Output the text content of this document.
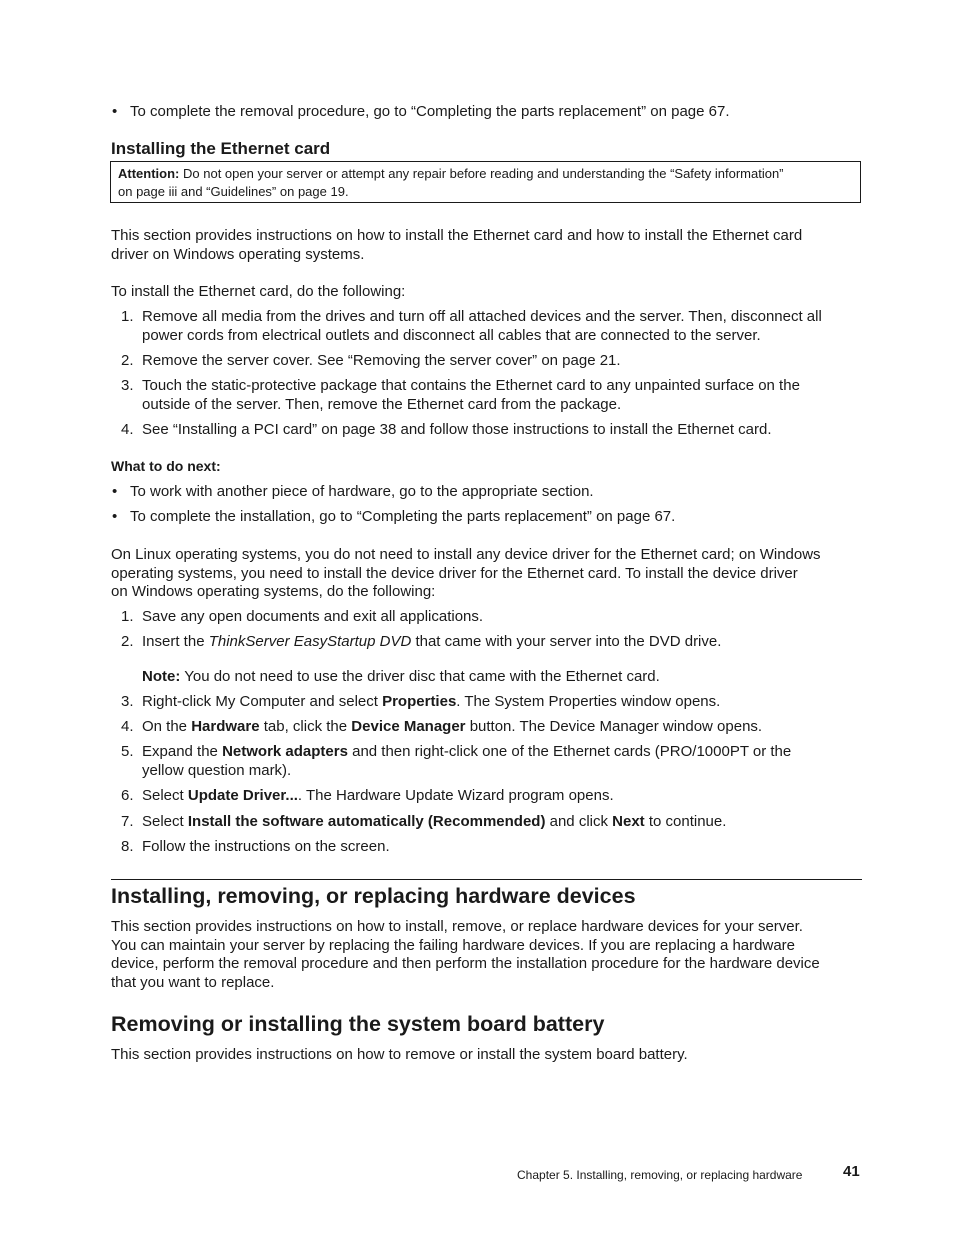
• To complete the removal procedure, go to “Completing the parts replacement” on page 67.
Installing the Ethernet card
Attention: Do not open your server or attempt any repair before reading and understanding the “Safety information”
on page iii and “Guidelines” on page 19.
This section provides instructions on how to install the Ethernet card and how to install the Ethernet card
driver on Windows operating systems.
To install the Ethernet card, do the following:
1. Remove all media from the drives and turn off all attached devices and the server. Then, disconnect all
power cords from electrical outlets and disconnect all cables that are connected to the server.
2. Remove the server cover. See “Removing the server cover” on page 21.
3. Touch the static-protective package that contains the Ethernet card to any unpainted surface on the
outside of the server. Then, remove the Ethernet card from the package.
4. See “Installing a PCI card” on page 38 and follow those instructions to install the Ethernet card.
What to do next:
• To work with another piece of hardware, go to the appropriate section.
• To complete the installation, go to “Completing the parts replacement” on page 67.
On Linux operating systems, you do not need to install any device driver for the Ethernet card; on Windows
operating systems, you need to install the device driver for the Ethernet card. To install the device driver
on Windows operating systems, do the following:
1. Save any open documents and exit all applications.
2. Insert the ThinkServer EasyStartup DVD that came with your server into the DVD drive.
Note: You do not need to use the driver disc that came with the Ethernet card.
3. Right-click My Computer and select Properties. The System Properties window opens.
4. On the Hardware tab, click the Device Manager button. The Device Manager window opens.
5. Expand the Network adapters and then right-click one of the Ethernet cards (PRO/1000PT or the
yellow question mark).
6. Select Update Driver.... The Hardware Update Wizard program opens.
7. Select Install the software automatically (Recommended) and click Next to continue.
8. Follow the instructions on the screen.
Installing, removing, or replacing hardware devices
This section provides instructions on how to install, remove, or replace hardware devices for your server.
You can maintain your server by replacing the failing hardware devices. If you are replacing a hardware
device, perform the removal procedure and then perform the installation procedure for the hardware device
that you want to replace.
Removing or installing the system board battery
This section provides instructions on how to remove or install the system board battery.
Chapter 5. Installing, removing, or replacing hardware	41
